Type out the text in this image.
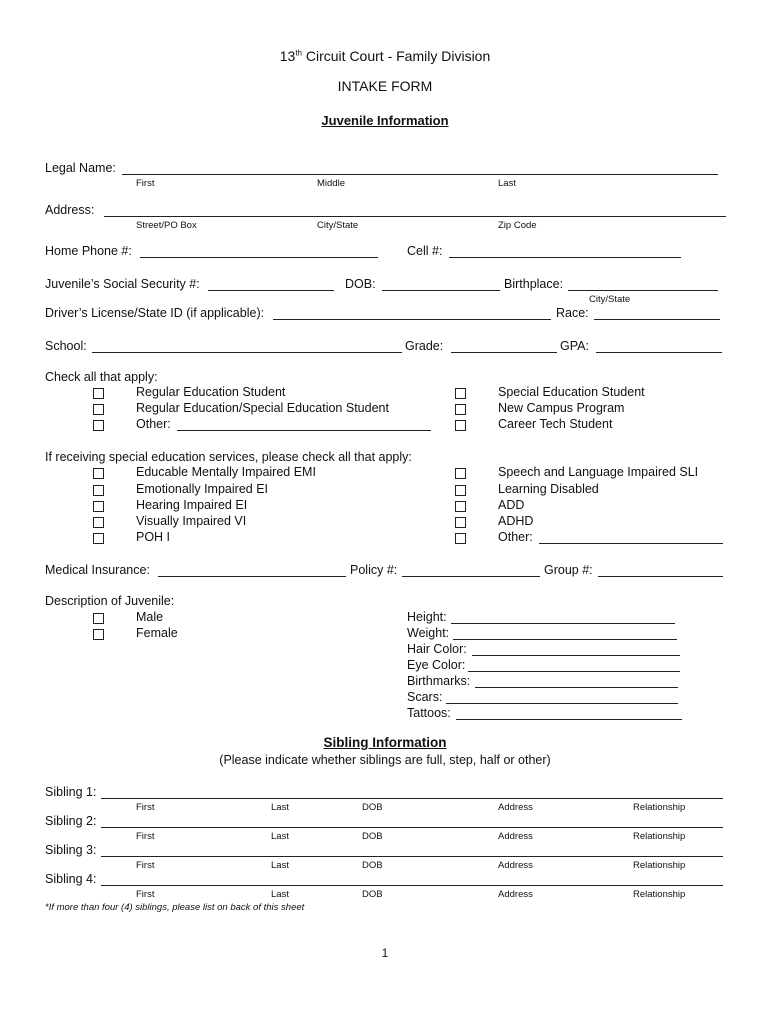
13th Circuit Court - Family Division
INTAKE FORM
Juvenile Information
Legal Name:
First	Middle	Last
Address:
Street/PO Box	City/State	Zip Code
Home Phone #:	Cell #:
Juvenile’s Social Security #:	DOB:	Birthplace:
City/State
Driver’s License/State ID (if applicable):	Race:
School:	Grade:	GPA:
Check all that apply:
Regular Education Student
Regular Education/Special Education Student
Other:
Special Education Student
New Campus Program
Career Tech Student
If receiving special education services, please check all that apply:
Educable Mentally Impaired EMI
Emotionally Impaired EI
Hearing Impaired EI
Visually Impaired VI
POH I
Speech and Language Impaired SLI
Learning Disabled
ADD
ADHD
Other:
Medical Insurance:	Policy #:	Group #:
Description of Juvenile:
Male
Female
Height:
Weight:
Hair Color:
Eye Color:
Birthmarks:
Scars:
Tattoos:
Sibling Information
(Please indicate whether siblings are full, step, half or other)
Sibling 1:
First	Last	DOB	Address	Relationship
Sibling 2:
First	Last	DOB	Address	Relationship
Sibling 3:
First	Last	DOB	Address	Relationship
Sibling 4:
First	Last	DOB	Address	Relationship
*If more than four (4) siblings, please list on back of this sheet
1
